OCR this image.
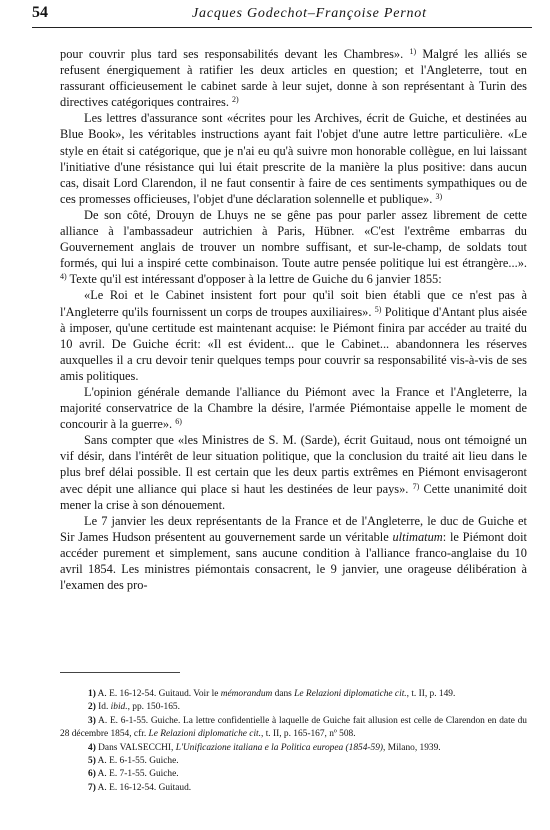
54	Jacques Godechot–Françoise Pernot

pour couvrir plus tard ses responsabilités devant les Chambres». $^{1)}$ Malgré les alliés se refusent énergiquement à ratifier les deux articles en question; et l'Angleterre, tout en rassurant officieusement le cabinet sarde à leur sujet, donne à son représentant à Turin des directives catégoriques contraires. $^{2)}$

Les lettres d'assurance sont «écrites pour les Archives, écrit de Guiche, et destinées au Blue Book», les véritables instructions ayant fait l'objet d'une autre lettre particulière. «Le style en était si catégorique, que je n'ai eu qu'à suivre mon honorable collègue, en lui laissant l'initiative d'une résistance qui lui était prescrite de la manière la plus positive: dans aucun cas, disait Lord Clarendon, il ne faut consentir à faire de ces sentiments sympathiques ou de ces promesses officieuses, l'objet d'une déclaration solennelle et publique». $^{3)}$

De son côté, Drouyn de Lhuys ne se gêne pas pour parler assez librement de cette alliance à l'ambassadeur autrichien à Paris, Hübner. «C'est l'extrême embarras du Gouvernement anglais de trouver un nombre suffisant, et sur-le-champ, de soldats tout formés, qui lui a inspiré cette combinaison. Toute autre pensée politique lui est étrangère...». $^{4)}$ Texte qu'il est intéressant d'opposer à la lettre de Guiche du 6 janvier 1855:

«Le Roi et le Cabinet insistent fort pour qu'il soit bien établi que ce n'est pas à l'Angleterre qu'ils fournissent un corps de troupes auxiliaires». $^{5)}$ Politique d'Antant plus aisée à imposer, qu'une certitude est maintenant acquise: le Piémont finira par accéder au traité du 10 avril. De Guiche écrit: «Il est évident... que le Cabinet... abandonnera les réserves auxquelles il a cru devoir tenir quelques temps pour couvrir sa responsabilité vis-à-vis de ses amis politiques.

L'opinion générale demande l'alliance du Piémont avec la France et l'Angleterre, la majorité conservatrice de la Chambre la désire, l'armée Piémontaise appelle le moment de concourir à la guerre». $^{6)}$

Sans compter que «les Ministres de S. M. (Sarde), écrit Guitaud, nous ont témoigné un vif désir, dans l'intérêt de leur situation politique, que la conclusion du traité ait lieu dans le plus bref délai possible. Il est certain que les deux partis extrêmes en Piémont envisageront avec dépit une alliance qui place si haut les destinées de leur pays». $^{7)}$ Cette unanimité doit mener la crise à son dénouement.

Le 7 janvier les deux représentants de la France et de l'Angleterre, le duc de Guiche et Sir James Hudson présentent au gouvernement sarde un véritable ultimatum: le Piémont doit accéder purement et simplement, sans aucune condition à l'alliance franco-anglaise du 10 avril 1854. Les ministres piémontais consacrent, le 9 janvier, une orageuse délibération à l'examen des pro-

1) A. E. 16-12-54. Guitaud. Voir le mémorandum dans Le Relazioni diplomatiche cit., t. II, p. 149.

2) Id. ibid., pp. 150-165.

3) A. E. 6-1-55. Guiche. La lettre confidentielle à laquelle de Guiche fait allusion est celle de Clarendon en date du 28 décembre 1854, cfr. Le Relazioni diplomatiche cit., t. II, p. 165-167, nº 508.

4) Dans VALSECCHI, L'Unificazione italiana e la Politica europea (1854-59), Milano, 1939.

5) A. E. 6-1-55. Guiche.

6) A. E. 7-1-55. Guiche.

7) A. E. 16-12-54. Guitaud.
